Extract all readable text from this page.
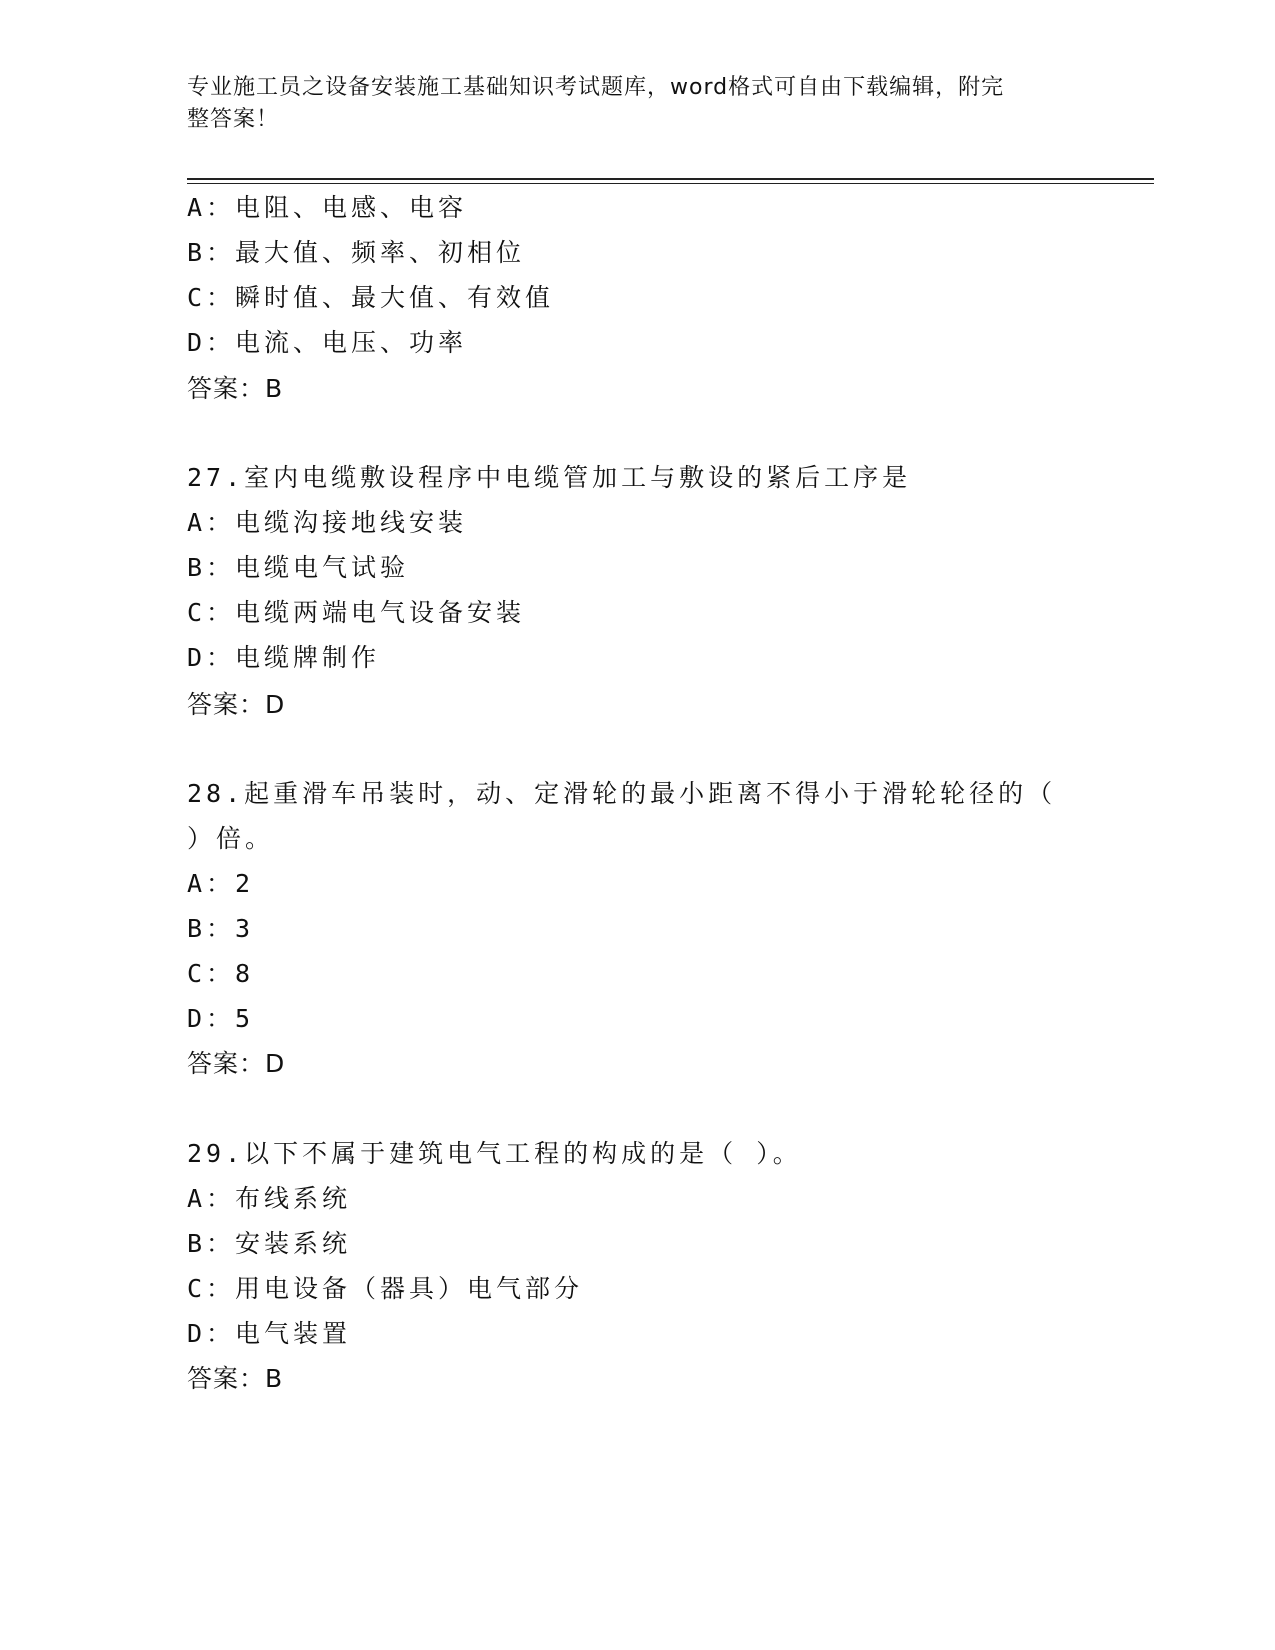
专业施工员之设备安装施工基础知识考试题库，word格式可自由下载编辑，附完
整答案！
A：电阻、电感、电容
B：最大值、频率、初相位
C：瞬时值、最大值、有效值
D：电流、电压、功率
答案：B
27.室内电缆敷设程序中电缆管加工与敷设的紧后工序是
A：电缆沟接地线安装
B：电缆电气试验
C：电缆两端电气设备安装
D：电缆牌制作
答案：D
28.起重滑车吊装时，动、定滑轮的最小距离不得小于滑轮轮径的（
）倍。
A：2
B：3
C：8
D：5
答案：D
29.以下不属于建筑电气工程的构成的是（ ）。
A：布线系统
B：安装系统
C：用电设备（器具）电气部分
D：电气装置
答案：B
